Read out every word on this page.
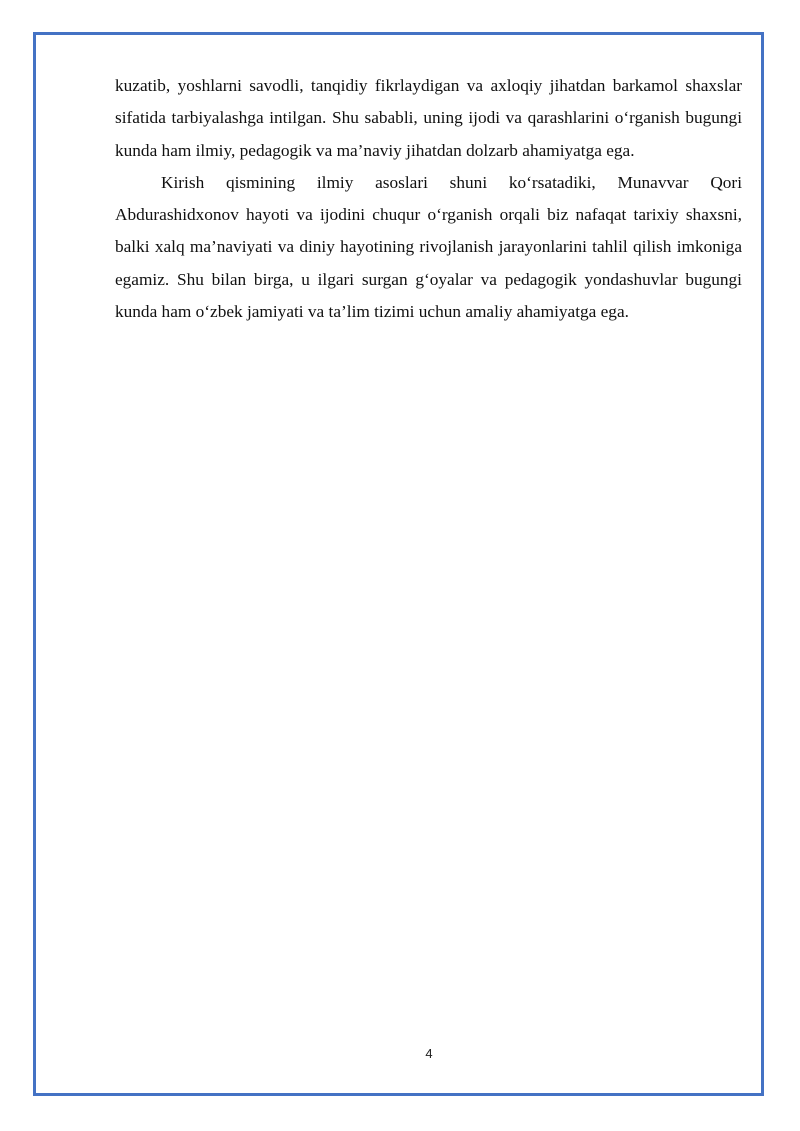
kuzatib, yoshlarni savodli, tanqidiy fikrlaydigan va axloqiy jihatdan barkamol shaxslar sifatida tarbiyalashga intilgan. Shu sababli, uning ijodi va qarashlarini o‘rganish bugungi kunda ham ilmiy, pedagogik va ma’naviy jihatdan dolzarb ahamiyatga ega.

Kirish qismining ilmiy asoslari shuni ko‘rsatadiki, Munavvar Qori Abdurashidxonov hayoti va ijodini chuqur o‘rganish orqali biz nafaqat tarixiy shaxsni, balki xalq ma’naviyati va diniy hayotining rivojlanish jarayonlarini tahlil qilish imkoniga egamiz. Shu bilan birga, u ilgari surgan g‘oyalar va pedagogik yondashuvlar bugungi kunda ham o‘zbek jamiyati va ta’lim tizimi uchun amaliy ahamiyatga ega.

4
